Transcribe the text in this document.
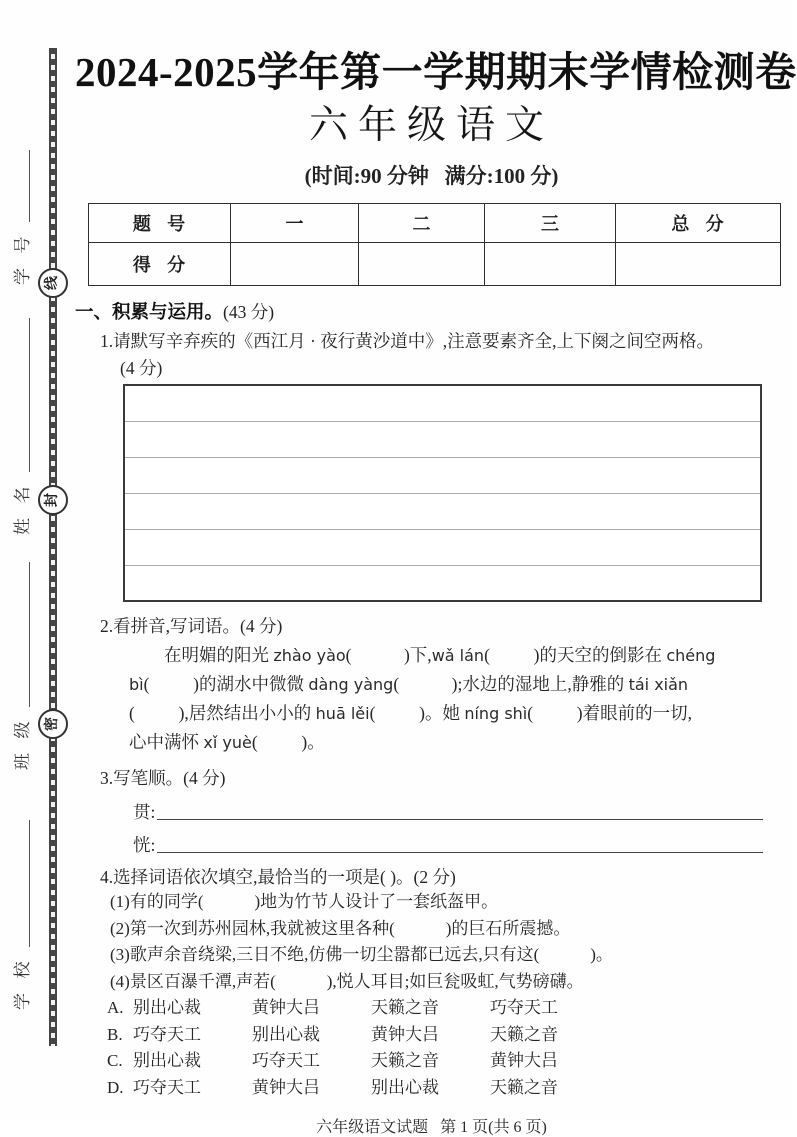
线
封
密
学号
姓名
班级
学校
2024-2025学年第一学期期末学情检测卷
六年级语文
(时间:90 分钟   满分:100 分)
题号	一	二	三	总分
得分				
一、积累与运用。(43 分)
1.请默写辛弃疾的《西江月 · 夜行黄沙道中》,注意要素齐全,上下阕之间空两格。
(4 分)
2.看拼音,写词语。(4 分)
在明媚的阳光 zhào yào(            )下,wǎ lán(          )的天空的倒影在 chéng
bì(          )的湖水中微微 dàng yàng(            );水边的湿地上,静雅的 tái xiǎn
(          ),居然结出小小的 huā lěi(          )。她 níng shì(          )着眼前的一切,
心中满怀 xǐ yuè(          )。
3.写笔顺。(4 分)
贯:
恍:
4.选择词语依次填空,最恰当的一项是( )。(2 分)
(1)有的同学(            )地为竹节人设计了一套纸盔甲。
(2)第一次到苏州园林,我就被这里各种(            )的巨石所震撼。
(3)歌声余音绕梁,三日不绝,仿佛一切尘嚣都已远去,只有这(            )。
(4)景区百瀑千潭,声若(            ),悦人耳目;如巨瓮吸虹,气势磅礴。
A. 别出心裁	黄钟大吕	天籁之音	巧夺天工
B. 巧夺天工	别出心裁	黄钟大吕	天籁之音
C. 别出心裁	巧夺天工	天籁之音	黄钟大吕
D. 巧夺天工	黄钟大吕	别出心裁	天籁之音
六年级语文试题   第 1 页(共 6 页)
